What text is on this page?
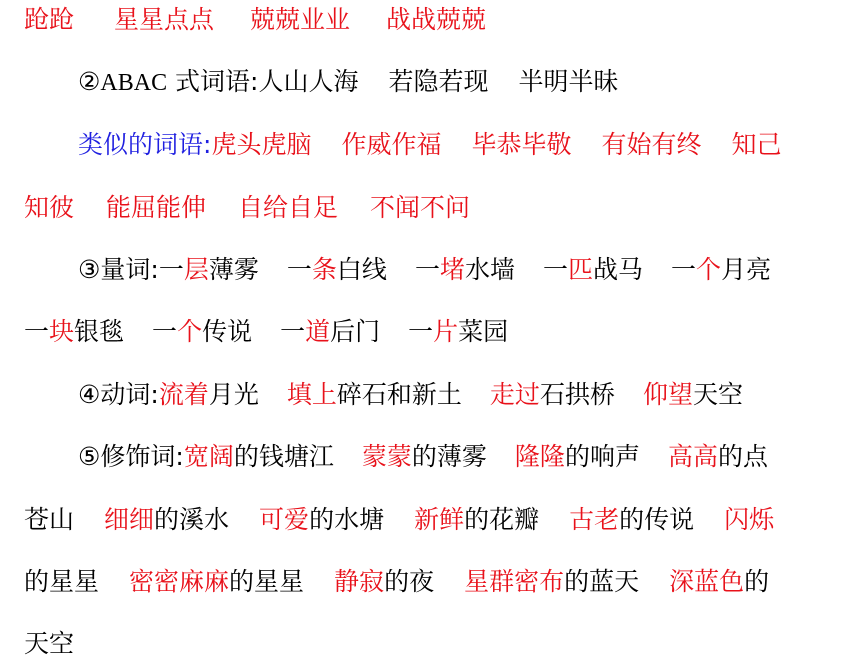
跄跄 星星点点 兢兢业业 战战兢兢
②ABAC 式词语:人山人海 若隐若现 半明半昧
类似的词语:虎头虎脑 作威作福 毕恭毕敬 有始有终 知己
知彼 能屈能伸 自给自足 不闻不问
③量词:一层薄雾 一条白线 一堵水墙 一匹战马 一个月亮
一块银毯 一个传说 一道后门 一片菜园
④动词:流着月光 填上碎石和新土 走过石拱桥 仰望天空
⑤修饰词:宽阔的钱塘江 蒙蒙的薄雾 隆隆的响声 高高的点
苍山 细细的溪水 可爱的水塘 新鲜的花瓣 古老的传说 闪烁
的星星 密密麻麻的星星 静寂的夜 星群密布的蓝天 深蓝色的
天空
